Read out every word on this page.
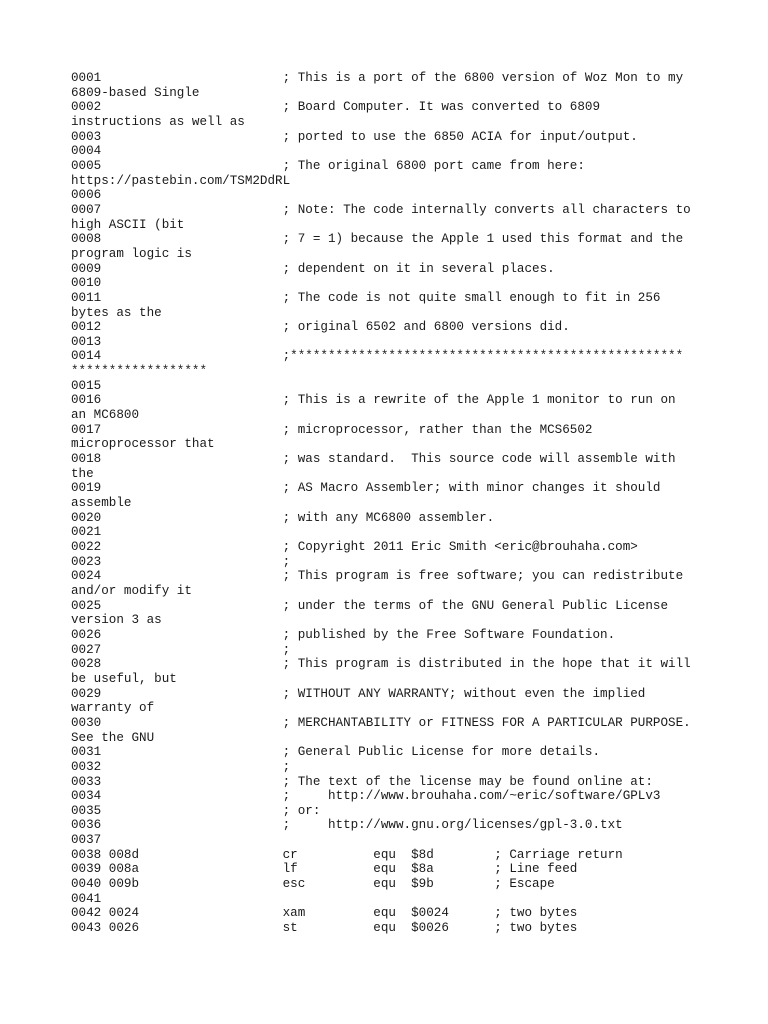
0001                        ; This is a port of the 6800 version of Woz Mon to my
6809-based Single
0002                        ; Board Computer. It was converted to 6809
instructions as well as
0003                        ; ported to use the 6850 ACIA for input/output.
0004
0005                        ; The original 6800 port came from here:
https://pastebin.com/TSM2DdRL
0006
0007                        ; Note: The code internally converts all characters to
high ASCII (bit
0008                        ; 7 = 1) because the Apple 1 used this format and the
program logic is
0009                        ; dependent on it in several places.
0010
0011                        ; The code is not quite small enough to fit in 256
bytes as the
0012                        ; original 6502 and 6800 versions did.
0013
0014                        ;****************************************************
******************
0015
0016                        ; This is a rewrite of the Apple 1 monitor to run on
an MC6800
0017                        ; microprocessor, rather than the MCS6502
microprocessor that
0018                        ; was standard.  This source code will assemble with
the
0019                        ; AS Macro Assembler; with minor changes it should
assemble
0020                        ; with any MC6800 assembler.
0021
0022                        ; Copyright 2011 Eric Smith <eric@brouhaha.com>
0023                        ;
0024                        ; This program is free software; you can redistribute
and/or modify it
0025                        ; under the terms of the GNU General Public License
version 3 as
0026                        ; published by the Free Software Foundation.
0027                        ;
0028                        ; This program is distributed in the hope that it will
be useful, but
0029                        ; WITHOUT ANY WARRANTY; without even the implied
warranty of
0030                        ; MERCHANTABILITY or FITNESS FOR A PARTICULAR PURPOSE.
See the GNU
0031                        ; General Public License for more details.
0032                        ;
0033                        ; The text of the license may be found online at:
0034                        ;     http://www.brouhaha.com/~eric/software/GPLv3
0035                        ; or:
0036                        ;     http://www.gnu.org/licenses/gpl-3.0.txt
0037
0038 008d                   cr          equ  $8d        ; Carriage return
0039 008a                   lf          equ  $8a        ; Line feed
0040 009b                   esc         equ  $9b        ; Escape
0041
0042 0024                   xam         equ  $0024      ; two bytes
0043 0026                   st          equ  $0026      ; two bytes
